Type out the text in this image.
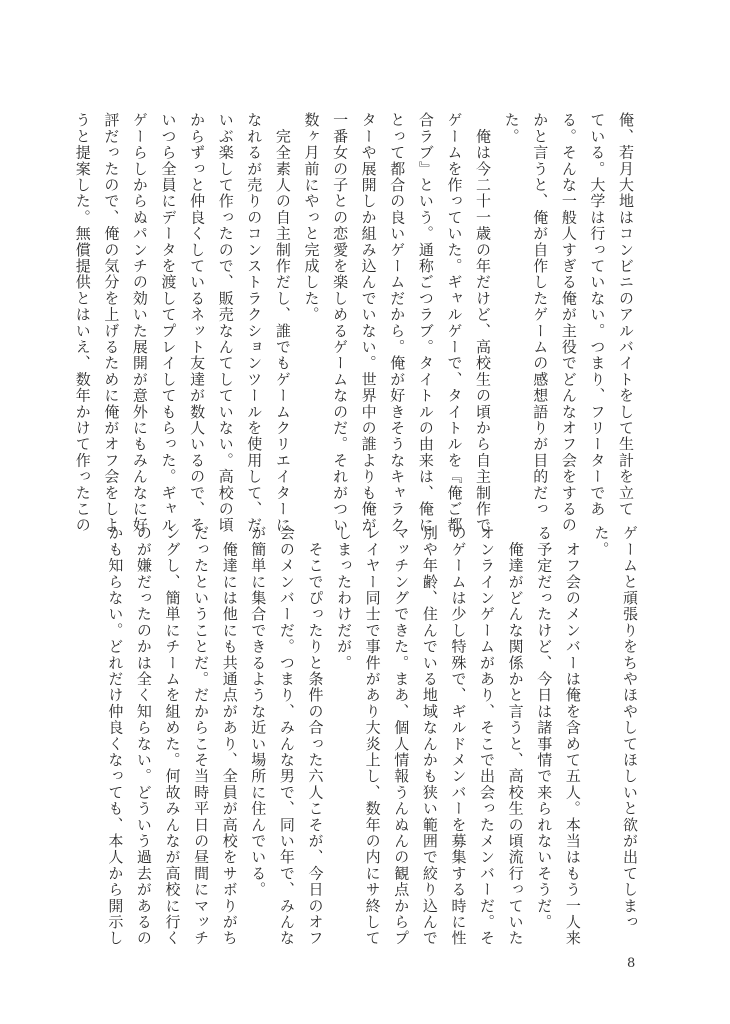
俺、若月大地はコンビニのアルバイトをして生計を立て
ている。大学は行っていない。つまり、フリーターであ
る。そんな一般人すぎる俺が主役でどんなオフ会をするの
かと言うと、俺が自作したゲームの感想語りが目的だっ
た。
　俺は今二十一歳の年だけど、高校生の頃から自主制作で
ゲームを作っていた。ギャルゲーで、タイトルを『俺ご都
合ラブ』という。通称ごつラブ。タイトルの由来は、俺に
とって都合の良いゲームだから。俺が好きそうなキャラク
ターや展開しか組み込んでいない。世界中の誰よりも俺が
一番女の子との恋愛を楽しめるゲームなのだ。それがつい
数ヶ月前にやっと完成した。
　完全素人の自主制作だし、誰でもゲームクリエイターに
なれるが売りのコンストラクションツールを使用して、だ
いぶ楽して作ったので、販売なんてしていない。高校の頃
からずっと仲良くしているネット友達が数人いるので、そ
いつら全員にデータを渡してプレイしてもらった。ギャル
ゲーらしからぬパンチの効いた展開が意外にもみんなに好
評だったので、俺の気分を上げるために俺がオフ会をしよ
うと提案した。無償提供とはいえ、数年かけて作ったこの
ゲームと頑張りをちやほやしてほしいと欲が出てしまっ
た。
　オフ会のメンバーは俺を含めて五人。本当はもう一人来
る予定だったけど、今日は諸事情で来られないそうだ。
　俺達がどんな関係かと言うと、高校生の頃流行っていた
オンラインゲームがあり、そこで出会ったメンバーだ。そ
のゲームは少し特殊で、ギルドメンバーを募集する時に性
別や年齢、住んでいる地域なんかも狭い範囲で絞り込んで
マッチングできた。まあ、個人情報うんぬんの観点からプ
レイヤー同士で事件があり大炎上し、数年の内にサ終して
しまったわけだが。
　そこでぴったりと条件の合った六人こそが、今日のオフ
会のメンバーだ。つまり、みんな男で、同い年で、みんな
が簡単に集合できるような近い場所に住んでいる。
　俺達には他にも共通点があり、全員が高校をサボりがち
だったということだ。だからこそ当時平日の昼間にマッチ
ングし、簡単にチームを組めた。何故みんなが高校に行く
のが嫌だったのかは全く知らない。どういう過去があるの
かも知らない。どれだけ仲良くなっても、本人から開示し
8
